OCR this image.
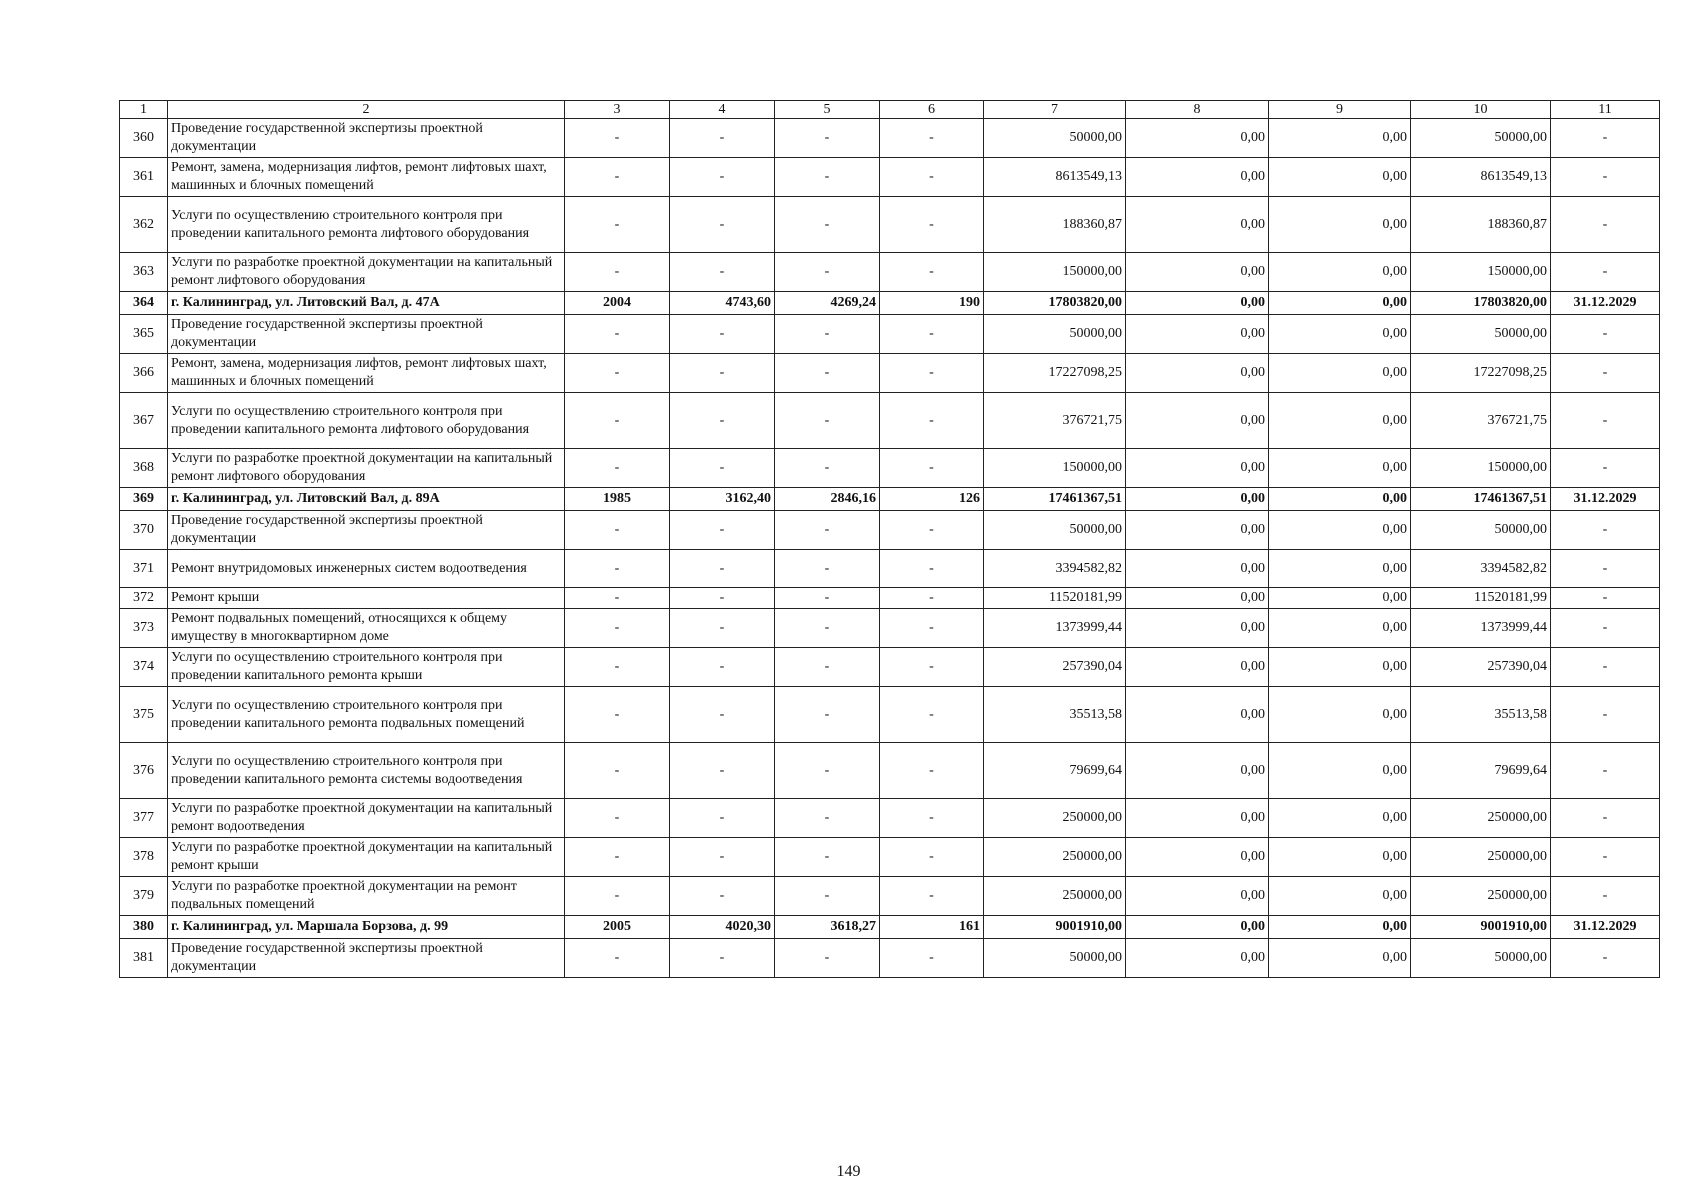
1	2	3	4	5	6	7	8	9	10	11
360	Проведение государственной экспертизы проектной документации	-	-	-	-	50000,00	0,00	0,00	50000,00	-
361	Ремонт, замена, модернизация лифтов, ремонт лифтовых шахт, машинных и блочных помещений	-	-	-	-	8613549,13	0,00	0,00	8613549,13	-
362	Услуги по осуществлению строительного контроля при проведении капитального ремонта лифтового оборудования	-	-	-	-	188360,87	0,00	0,00	188360,87	-
363	Услуги по разработке проектной документации на капитальный ремонт лифтового оборудования	-	-	-	-	150000,00	0,00	0,00	150000,00	-
364	г. Калининград, ул. Литовский Вал, д. 47А	2004	4743,60	4269,24	190	17803820,00	0,00	0,00	17803820,00	31.12.2029
365	Проведение государственной экспертизы проектной документации	-	-	-	-	50000,00	0,00	0,00	50000,00	-
366	Ремонт, замена, модернизация лифтов, ремонт лифтовых шахт, машинных и блочных помещений	-	-	-	-	17227098,25	0,00	0,00	17227098,25	-
367	Услуги по осуществлению строительного контроля при проведении капитального ремонта лифтового оборудования	-	-	-	-	376721,75	0,00	0,00	376721,75	-
368	Услуги по разработке проектной документации на капитальный ремонт лифтового оборудования	-	-	-	-	150000,00	0,00	0,00	150000,00	-
369	г. Калининград, ул. Литовский Вал, д. 89А	1985	3162,40	2846,16	126	17461367,51	0,00	0,00	17461367,51	31.12.2029
370	Проведение государственной экспертизы проектной документации	-	-	-	-	50000,00	0,00	0,00	50000,00	-
371	Ремонт внутридомовых инженерных систем водоотведения	-	-	-	-	3394582,82	0,00	0,00	3394582,82	-
372	Ремонт крыши	-	-	-	-	11520181,99	0,00	0,00	11520181,99	-
373	Ремонт подвальных помещений, относящихся к общему имуществу в многоквартирном доме	-	-	-	-	1373999,44	0,00	0,00	1373999,44	-
374	Услуги по осуществлению строительного контроля при проведении капитального ремонта крыши	-	-	-	-	257390,04	0,00	0,00	257390,04	-
375	Услуги по осуществлению строительного контроля при проведении капитального ремонта подвальных помещений	-	-	-	-	35513,58	0,00	0,00	35513,58	-
376	Услуги по осуществлению строительного контроля при проведении капитального ремонта системы водоотведения	-	-	-	-	79699,64	0,00	0,00	79699,64	-
377	Услуги по разработке проектной документации на капитальный ремонт водоотведения	-	-	-	-	250000,00	0,00	0,00	250000,00	-
378	Услуги по разработке проектной документации на капитальный ремонт крыши	-	-	-	-	250000,00	0,00	0,00	250000,00	-
379	Услуги по разработке проектной документации на ремонт подвальных помещений	-	-	-	-	250000,00	0,00	0,00	250000,00	-
380	г. Калининград, ул. Маршала Борзова, д. 99	2005	4020,30	3618,27	161	9001910,00	0,00	0,00	9001910,00	31.12.2029
381	Проведение государственной экспертизы проектной документации	-	-	-	-	50000,00	0,00	0,00	50000,00	-
149
